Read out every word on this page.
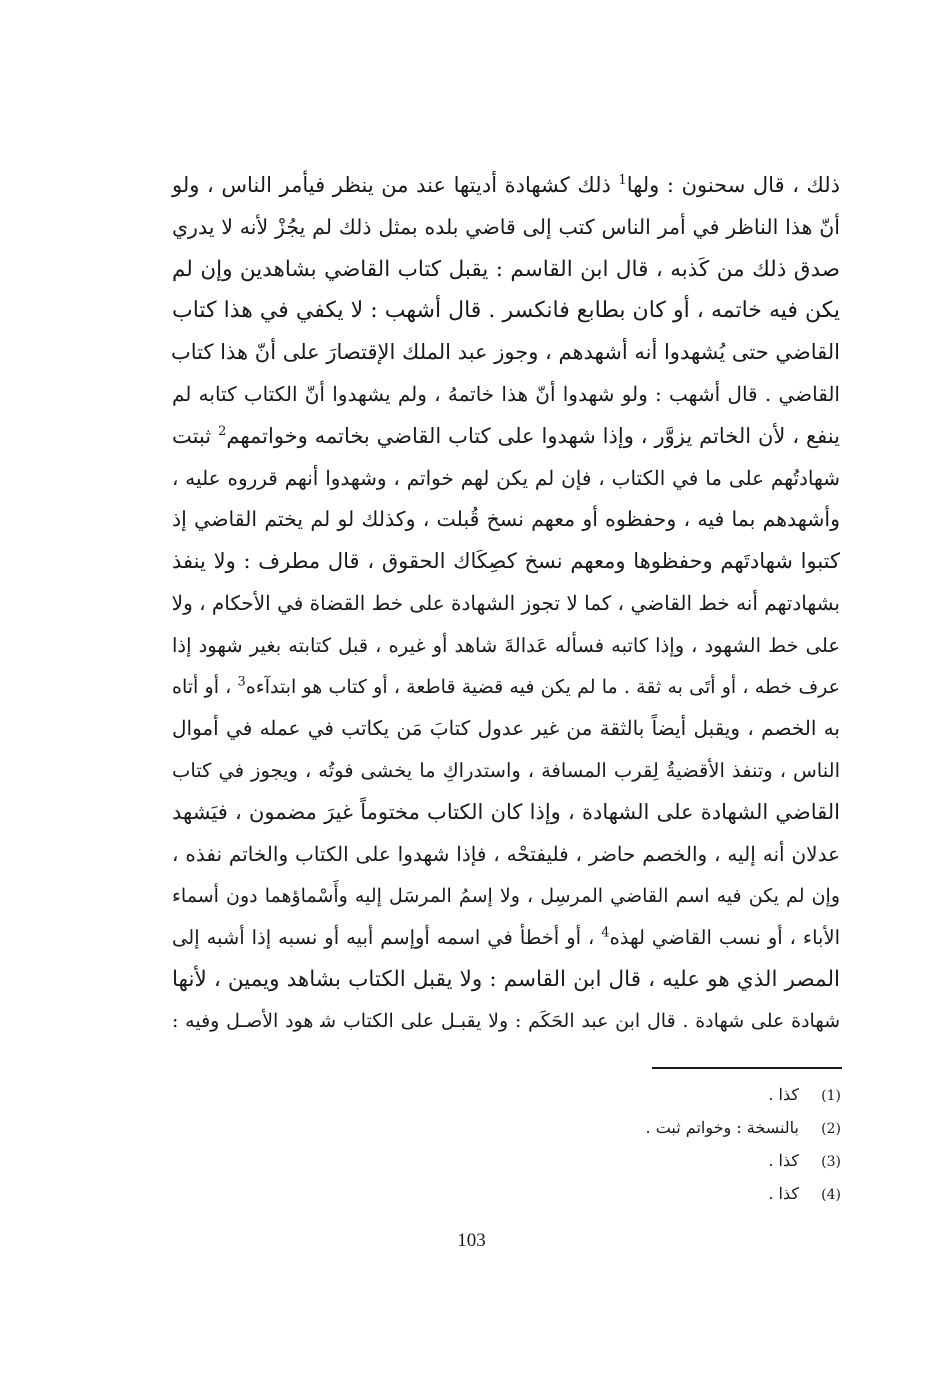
ذلك ، قال سحنون : ولها$^1$ ذلك كشهادة أديتها عند من ينظر فيأمر الناس ، ولو
أنّ هذا الناظر في أمر الناس كتب إلى قاضي بلده بمثل ذلك لم يجُزْ لأنه لا يدري
صدق ذلك من كَذبه ، قال ابن القاسم : يقبل كتاب القاضي بشاهدين وإن لم
يكن فيه خاتمه ، أو كان بطابع فانكسر . قال أشهب : لا يكفي في هذا كتاب
القاضي حتى يُشهدوا أنه أشهدهم ، وجوز عبد الملك الإقتصارَ على أنّ هذا كتاب
القاضي . قال أشهب : ولو شهدوا أنّ هذا خاتمهُ ، ولم يشهدوا أنّ الكتاب كتابه لم
ينفع ، لأن الخاتم يزوَّر ، وإذا شهدوا على كتاب القاضي بخاتمه وخواتمهم$^2$ ثبتت
شهادتُهم على ما في الكتاب ، فإن لم يكن لهم خواتم ، وشهدوا أنهم قرروه عليه ،
وأشهدهم بما فيه ، وحفظوه أو معهم نسخ قُبلت ، وكذلك لو لم يختم القاضي إذ
كتبوا شهادتَهم وحفظوها ومعهم نسخ كصِكَاك الحقوق ، قال مطرف : ولا ينفذ
بشهادتهم أنه خط القاضي ، كما لا تجوز الشهادة على خط القضاة في الأحكام ، ولا
على خط الشهود ، وإذا كاتبه فسأله عَدالةَ شاهد أو غيره ، قبل كتابته بغير شهود إذا
عرف خطه ، أو أتَى به ثقة . ما لم يكن فيه قضية قاطعة ، أو كتاب هو ابتدآءه$^3$ ، أو أتاه
به الخصم ، ويقبل أيضاً بالثقة من غير عدول كتابَ مَن يكاتب في عمله في أموال
الناس ، وتنفذ الأقضيةُ لِقرب المسافة ، واستدراكِ ما يخشى فوتُه ، ويجوز في كتاب
القاضي الشهادة على الشهادة ، وإذا كان الكتاب مختوماً غيرَ مضمون ، فيَشهد
عدلان أنه إليه ، والخصم حاضر ، فليفتحْه ، فإذا شهدوا على الكتاب والخاتم نفذه ،
وإن لم يكن فيه اسم القاضي المرسِل ، ولا إسمُ المرسَل إليه وأَسْماؤهما دون أسماء
الأباء ، أو نسب القاضي لهذه$^4$ ، أو أخطأ في اسمه أوإسم أبيه أو نسبه إذا أشبه إلى
المصر الذي هو عليه ، قال ابن القاسم : ولا يقبل الكتاب بشاهد ويمين ، لأنها
شهادة على شهادة . قال ابن عبد الحَكَم : ولا يقبـل على الكتاب ﺷ هود الأصـل وفيه :
(1)
كذا .
(2)
بالنسخة : وخواتم ثبت .
(3)
كذا .
(4)
كذا .
103
